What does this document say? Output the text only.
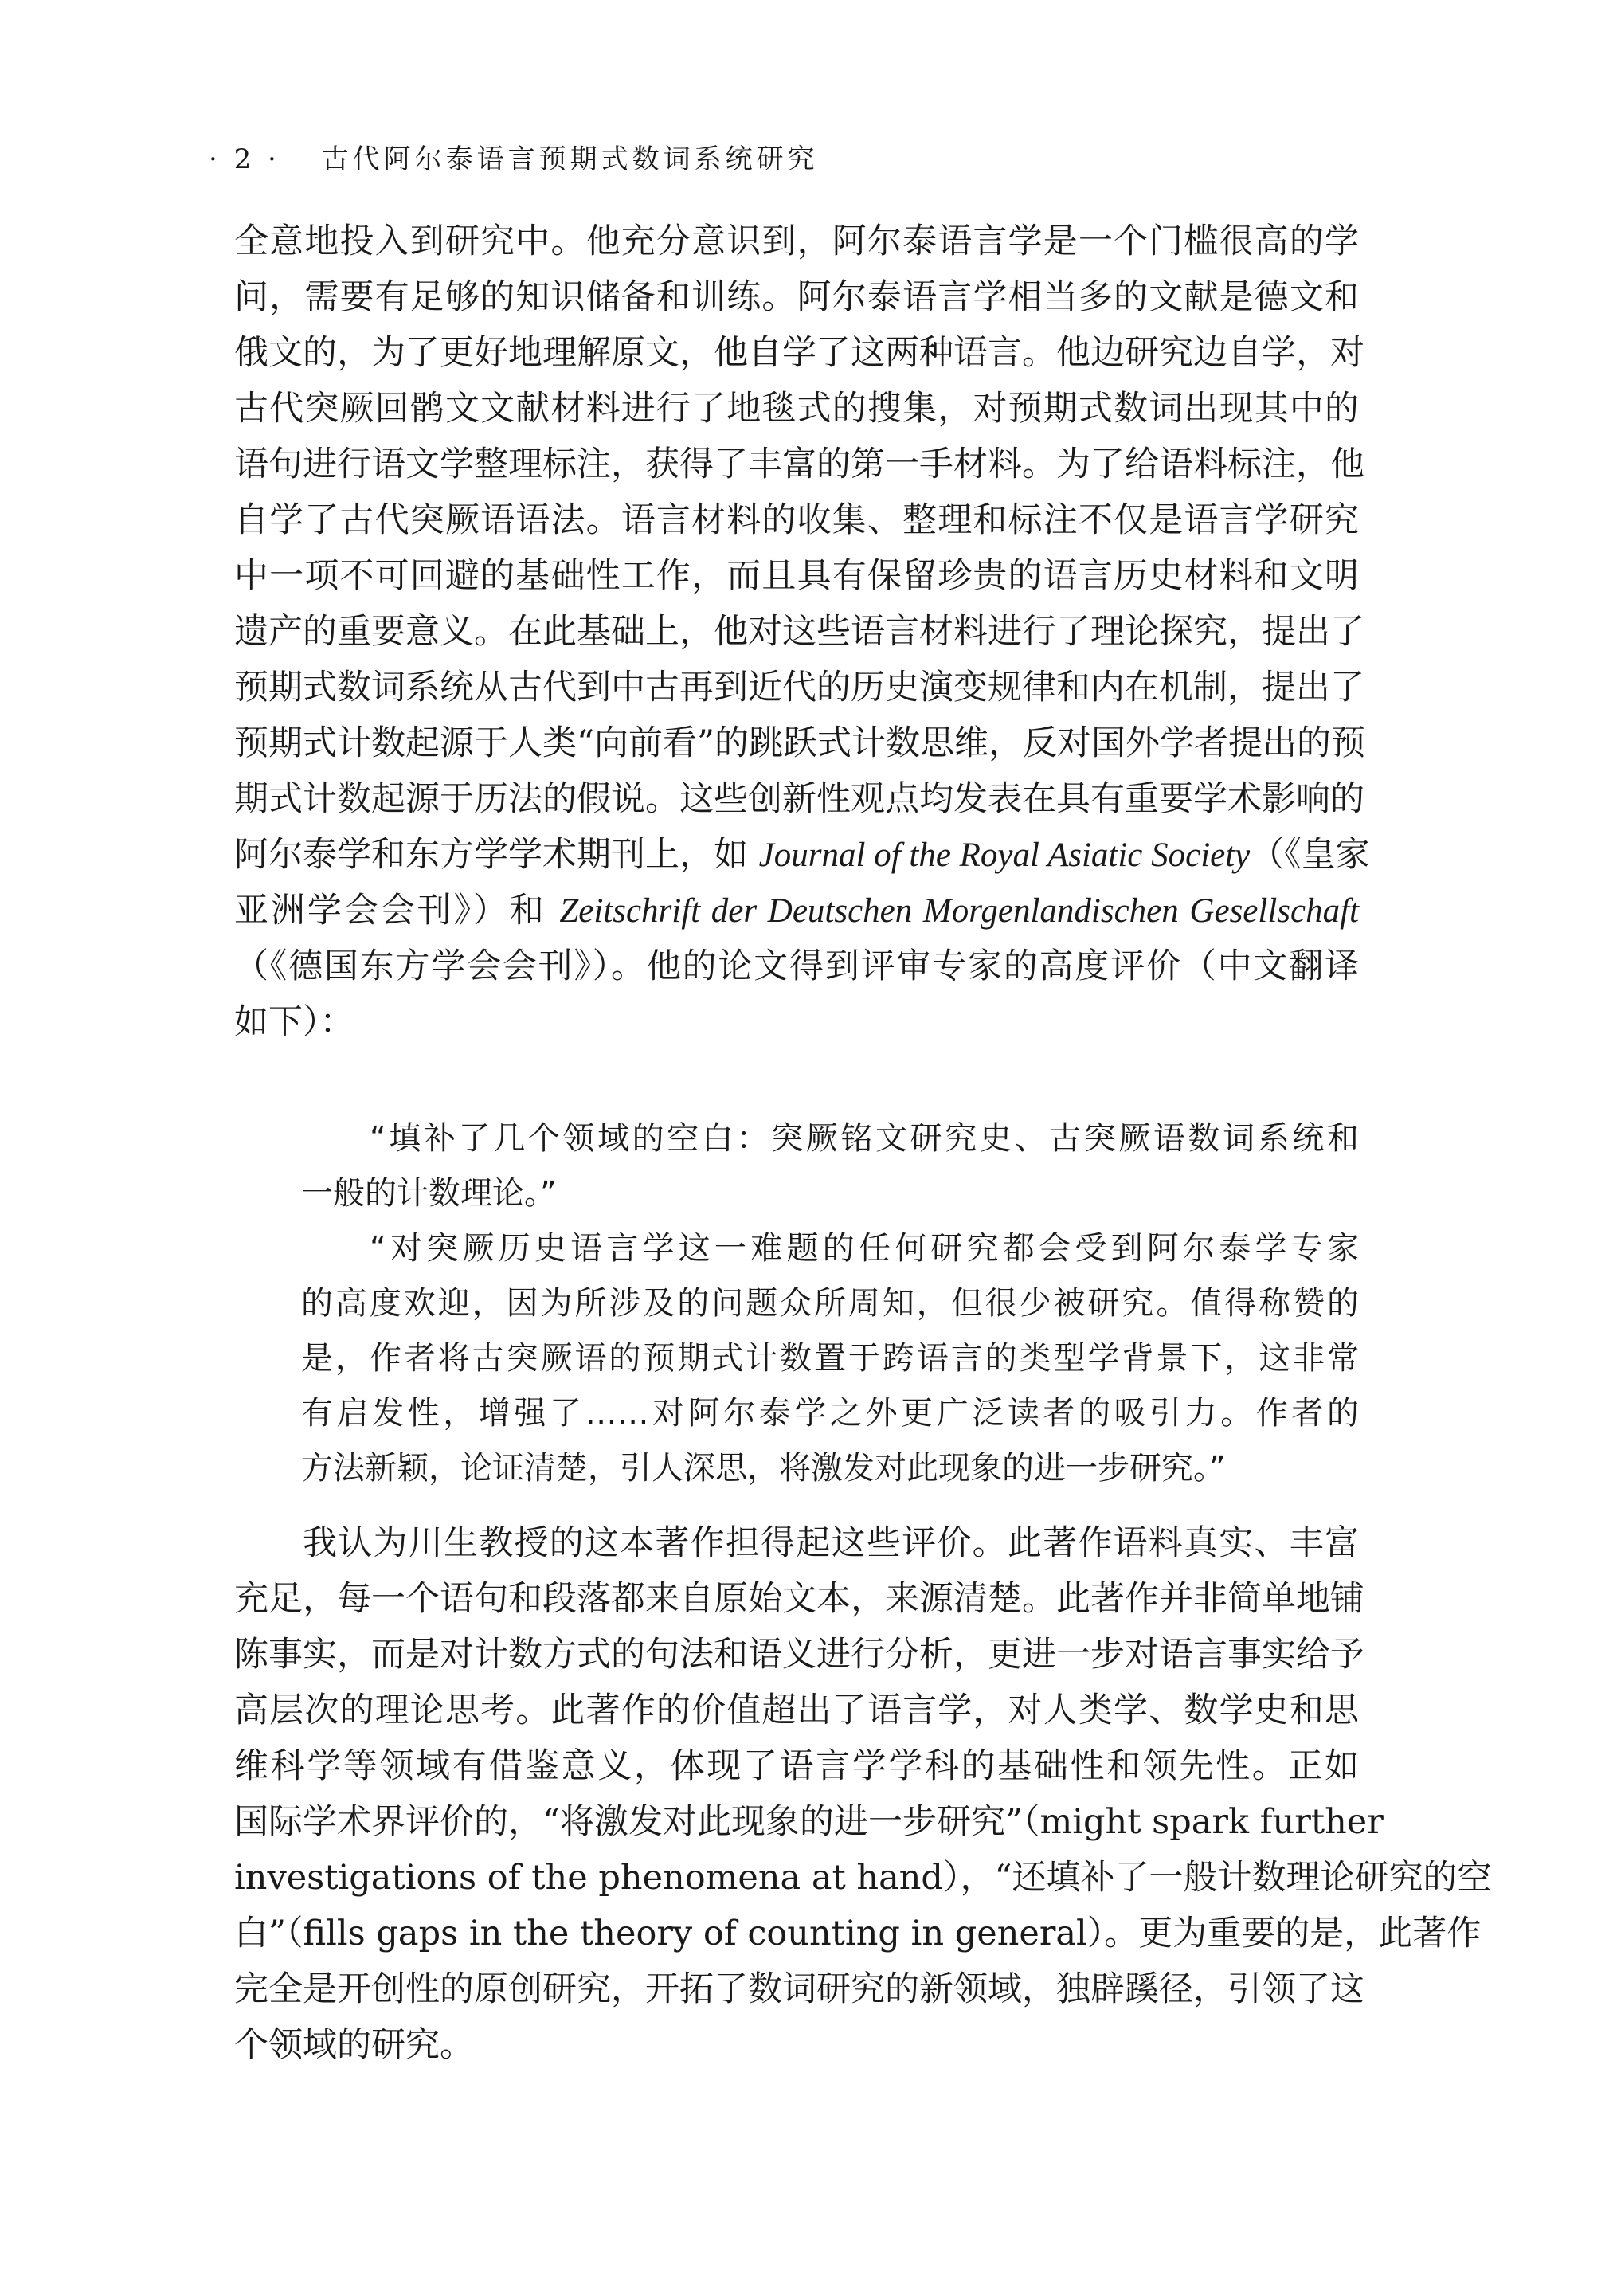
· 2 · 古代阿尔泰语言预期式数词系统研究
全意地投入到研究中。他充分意识到，阿尔泰语言学是一个门槛很高的学
问，需要有足够的知识储备和训练。阿尔泰语言学相当多的文献是德文和
俄文的，为了更好地理解原文，他自学了这两种语言。他边研究边自学，对
古代突厥回鹘文文献材料进行了地毯式的搜集，对预期式数词出现其中的
语句进行语文学整理标注，获得了丰富的第一手材料。为了给语料标注，他
自学了古代突厥语语法。语言材料的收集、整理和标注不仅是语言学研究
中一项不可回避的基础性工作，而且具有保留珍贵的语言历史材料和文明
遗产的重要意义。在此基础上，他对这些语言材料进行了理论探究，提出了
预期式数词系统从古代到中古再到近代的历史演变规律和内在机制，提出了
预期式计数起源于人类“向前看”的跳跃式计数思维，反对国外学者提出的预
期式计数起源于历法的假说。这些创新性观点均发表在具有重要学术影响的
阿尔泰学和东方学学术期刊上，如 Journal of the Royal Asiatic Society（《皇家
亚洲学会会刊》）和 Zeitschrift der Deutschen Morgenlandischen Gesellschaft
（《德国东方学会会刊》）。他的论文得到评审专家的高度评价（中文翻译
如下）：
“填补了几个领域的空白：突厥铭文研究史、古突厥语数词系统和
一般的计数理论。”
“对突厥历史语言学这一难题的任何研究都会受到阿尔泰学专家
的高度欢迎，因为所涉及的问题众所周知，但很少被研究。值得称赞的
是，作者将古突厥语的预期式计数置于跨语言的类型学背景下，这非常
有启发性，增强了……对阿尔泰学之外更广泛读者的吸引力。作者的
方法新颖，论证清楚，引人深思，将激发对此现象的进一步研究。”
我认为川生教授的这本著作担得起这些评价。此著作语料真实、丰富
充足，每一个语句和段落都来自原始文本，来源清楚。此著作并非简单地铺
陈事实，而是对计数方式的句法和语义进行分析，更进一步对语言事实给予
高层次的理论思考。此著作的价值超出了语言学，对人类学、数学史和思
维科学等领域有借鉴意义，体现了语言学学科的基础性和领先性。正如
国际学术界评价的，“将激发对此现象的进一步研究”（might spark further
investigations of the phenomena at hand），“还填补了一般计数理论研究的空
白”（fills gaps in the theory of counting in general）。更为重要的是，此著作
完全是开创性的原创研究，开拓了数词研究的新领域，独辟蹊径，引领了这
个领域的研究。
